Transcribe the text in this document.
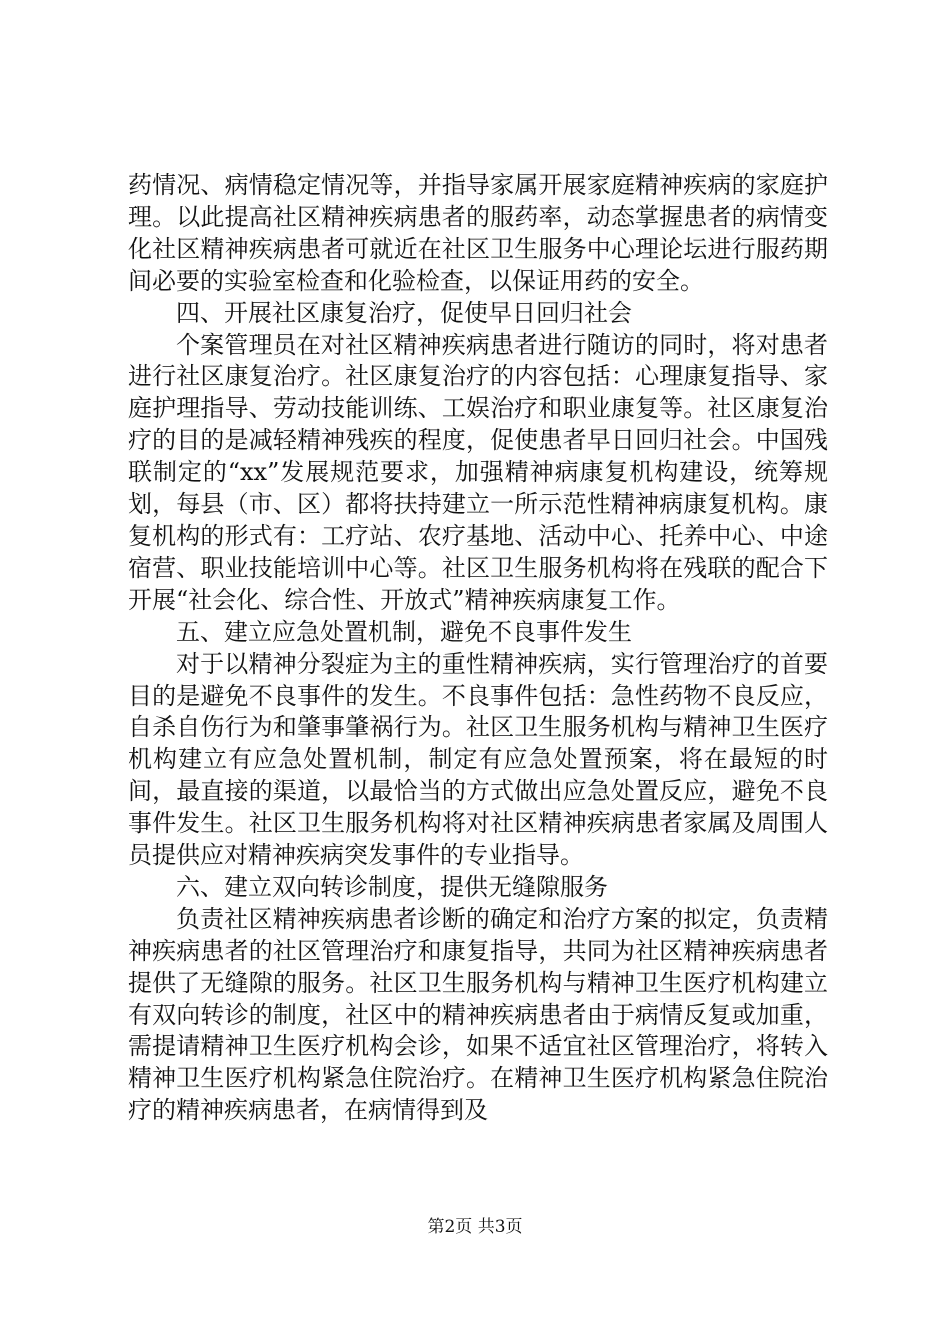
药情况、病情稳定情况等，并指导家属开展家庭精神疾病的家庭护理。以此提高社区精神疾病患者的服药率，动态掌握患者的病情变化社区精神疾病患者可就近在社区卫生服务中心理论坛进行服药期间必要的实验室检查和化验检查，以保证用药的安全。

四、开展社区康复治疗，促使早日回归社会

个案管理员在对社区精神疾病患者进行随访的同时，将对患者进行社区康复治疗。社区康复治疗的内容包括：心理康复指导、家庭护理指导、劳动技能训练、工娱治疗和职业康复等。社区康复治疗的目的是减轻精神残疾的程度，促使患者早日回归社会。中国残联制定的“xx”发展规范要求，加强精神病康复机构建设，统筹规划，每县（市、区）都将扶持建立一所示范性精神病康复机构。康复机构的形式有：工疗站、农疗基地、活动中心、托养中心、中途宿营、职业技能培训中心等。社区卫生服务机构将在残联的配合下开展“社会化、综合性、开放式”精神疾病康复工作。

五、建立应急处置机制，避免不良事件发生

对于以精神分裂症为主的重性精神疾病，实行管理治疗的首要目的是避免不良事件的发生。不良事件包括：急性药物不良反应，自杀自伤行为和肇事肇祸行为。社区卫生服务机构与精神卫生医疗机构建立有应急处置机制，制定有应急处置预案，将在最短的时间，最直接的渠道，以最恰当的方式做出应急处置反应，避免不良事件发生。社区卫生服务机构将对社区精神疾病患者家属及周围人员提供应对精神疾病突发事件的专业指导。

六、建立双向转诊制度，提供无缝隙服务

负责社区精神疾病患者诊断的确定和治疗方案的拟定，负责精神疾病患者的社区管理治疗和康复指导，共同为社区精神疾病患者提供了无缝隙的服务。社区卫生服务机构与精神卫生医疗机构建立有双向转诊的制度，社区中的精神疾病患者由于病情反复或加重，需提请精神卫生医疗机构会诊，如果不适宜社区管理治疗，将转入精神卫生医疗机构紧急住院治疗。在精神卫生医疗机构紧急住院治疗的精神疾病患者，在病情得到及

第2页 共3页
